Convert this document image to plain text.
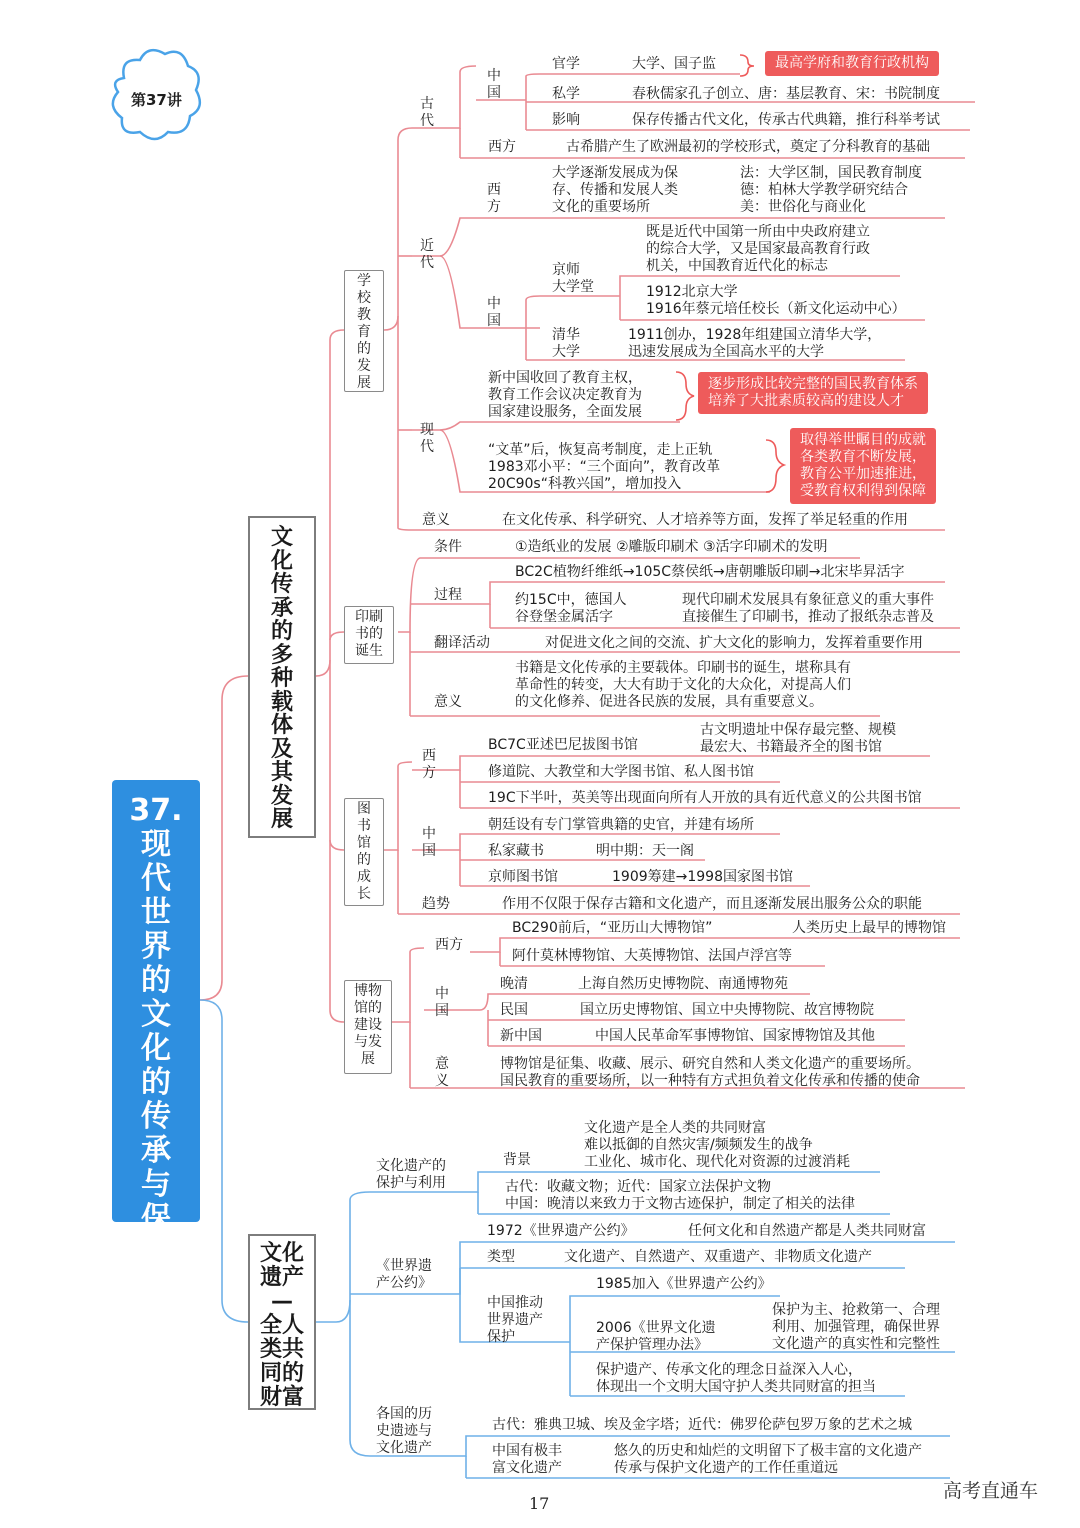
第37讲
37.
现
代
世
界
的
文
化
的
传
承
与
保
护
文
化
传
承
的
多
种
载
体
及
其
发
展
文化
遗产
—
全人
类共
同的
财富
学
校
教
育
的
发
展
印刷
书的
诞生
图
书
馆
的
成
长
博物
馆的
建设
与发
展
古
代
中
国
官学	大学、国子监	最高学府和教育行政机构
私学	春秋儒家孔子创立、唐：基层教育、宋：书院制度
影响	保存传播古代文化，传承古代典籍，推行科举考试
西方	古希腊产生了欧洲最初的学校形式，奠定了分科教育的基础
近
代
西
方
大学逐渐发展成为保
存、传播和发展人类
文化的重要场所
法：大学区制，国民教育制度
德：柏林大学教学研究结合
美：世俗化与商业化
中
国
京师
大学堂
既是近代中国第一所由中央政府建立
的综合大学，又是国家最高教育行政
机关，中国教育近代化的标志
1912北京大学
1916年蔡元培任校长（新文化运动中心）
清华
大学
1911创办，1928年组建国立清华大学，
迅速发展成为全国高水平的大学
现
代
新中国收回了教育主权，
教育工作会议决定教育为
国家建设服务，全面发展
逐步形成比较完整的国民教育体系
培养了大批素质较高的建设人才
“文革”后，恢复高考制度，走上正轨
1983邓小平：“三个面向”，教育改革
20C90s“科教兴国”，增加投入
取得举世瞩目的成就
各类教育不断发展，
教育公平加速推进，
受教育权利得到保障
意义	在文化传承、科学研究、人才培养等方面，发挥了举足轻重的作用
条件	①造纸业的发展 ②雕版印刷术 ③活字印刷术的发明
过程
BC2C植物纤维纸→105C蔡侯纸→唐朝雕版印刷→北宋毕昇活字
约15C中，德国人
谷登堡金属活字
现代印刷术发展具有象征意义的重大事件
直接催生了印刷书，推动了报纸杂志普及
翻译活动	对促进文化之间的交流、扩大文化的影响力，发挥着重要作用
意义
书籍是文化传承的主要载体。印刷书的诞生，堪称具有
革命性的转变，大大有助于文化的大众化，对提高人们
的文化修养、促进各民族的发展，具有重要意义。
西
方
BC7C亚述巴尼拔图书馆
古文明遗址中保存最完整、规模
最宏大、书籍最齐全的图书馆
修道院、大教堂和大学图书馆、私人图书馆
19C下半叶，英美等出现面向所有人开放的具有近代意义的公共图书馆
中
国
朝廷设有专门掌管典籍的史官，并建有场所
私家藏书	明中期：天一阁
京师图书馆	1909筹建→1998国家图书馆
趋势	作用不仅限于保存古籍和文化遗产，而且逐渐发展出服务公众的职能
西方
BC290前后，“亚历山大博物馆”	人类历史上最早的博物馆
阿什莫林博物馆、大英博物馆、法国卢浮宫等
中
国
晚清	上海自然历史博物院、南通博物苑
民国	国立历史博物馆、国立中央博物院、故宫博物院
新中国	中国人民革命军事博物馆、国家博物馆及其他
意
义
博物馆是征集、收藏、展示、研究自然和人类文化遗产的重要场所。
国民教育的重要场所，以一种特有方式担负着文化传承和传播的使命
文化遗产的
保护与利用
背景
文化遗产是全人类的共同财富
难以抵御的自然灾害/频频发生的战争
工业化、城市化、现代化对资源的过渡消耗
古代：收藏文物；近代：国家立法保护文物
中国：晚清以来致力于文物古迹保护，制定了相关的法律
《世界遗
产公约》
1972《世界遗产公约》	任何文化和自然遗产都是人类共同财富
类型	文化遗产、自然遗产、双重遗产、非物质文化遗产
中国推动
世界遗产
保护
1985加入《世界遗产公约》
2006《世界文化遗
产保护管理办法》
保护为主、抢救第一、合理
利用、加强管理，确保世界
文化遗产的真实性和完整性
保护遗产、传承文化的理念日益深入人心，
体现出一个文明大国守护人类共同财富的担当
各国的历
史遗迹与
文化遗产
古代：雅典卫城、埃及金字塔；近代：佛罗伦萨包罗万象的艺术之城
中国有极丰
富文化遗产
悠久的历史和灿烂的文明留下了极丰富的文化遗产
传承与保护文化遗产的工作任重道远
17
高考直通车
